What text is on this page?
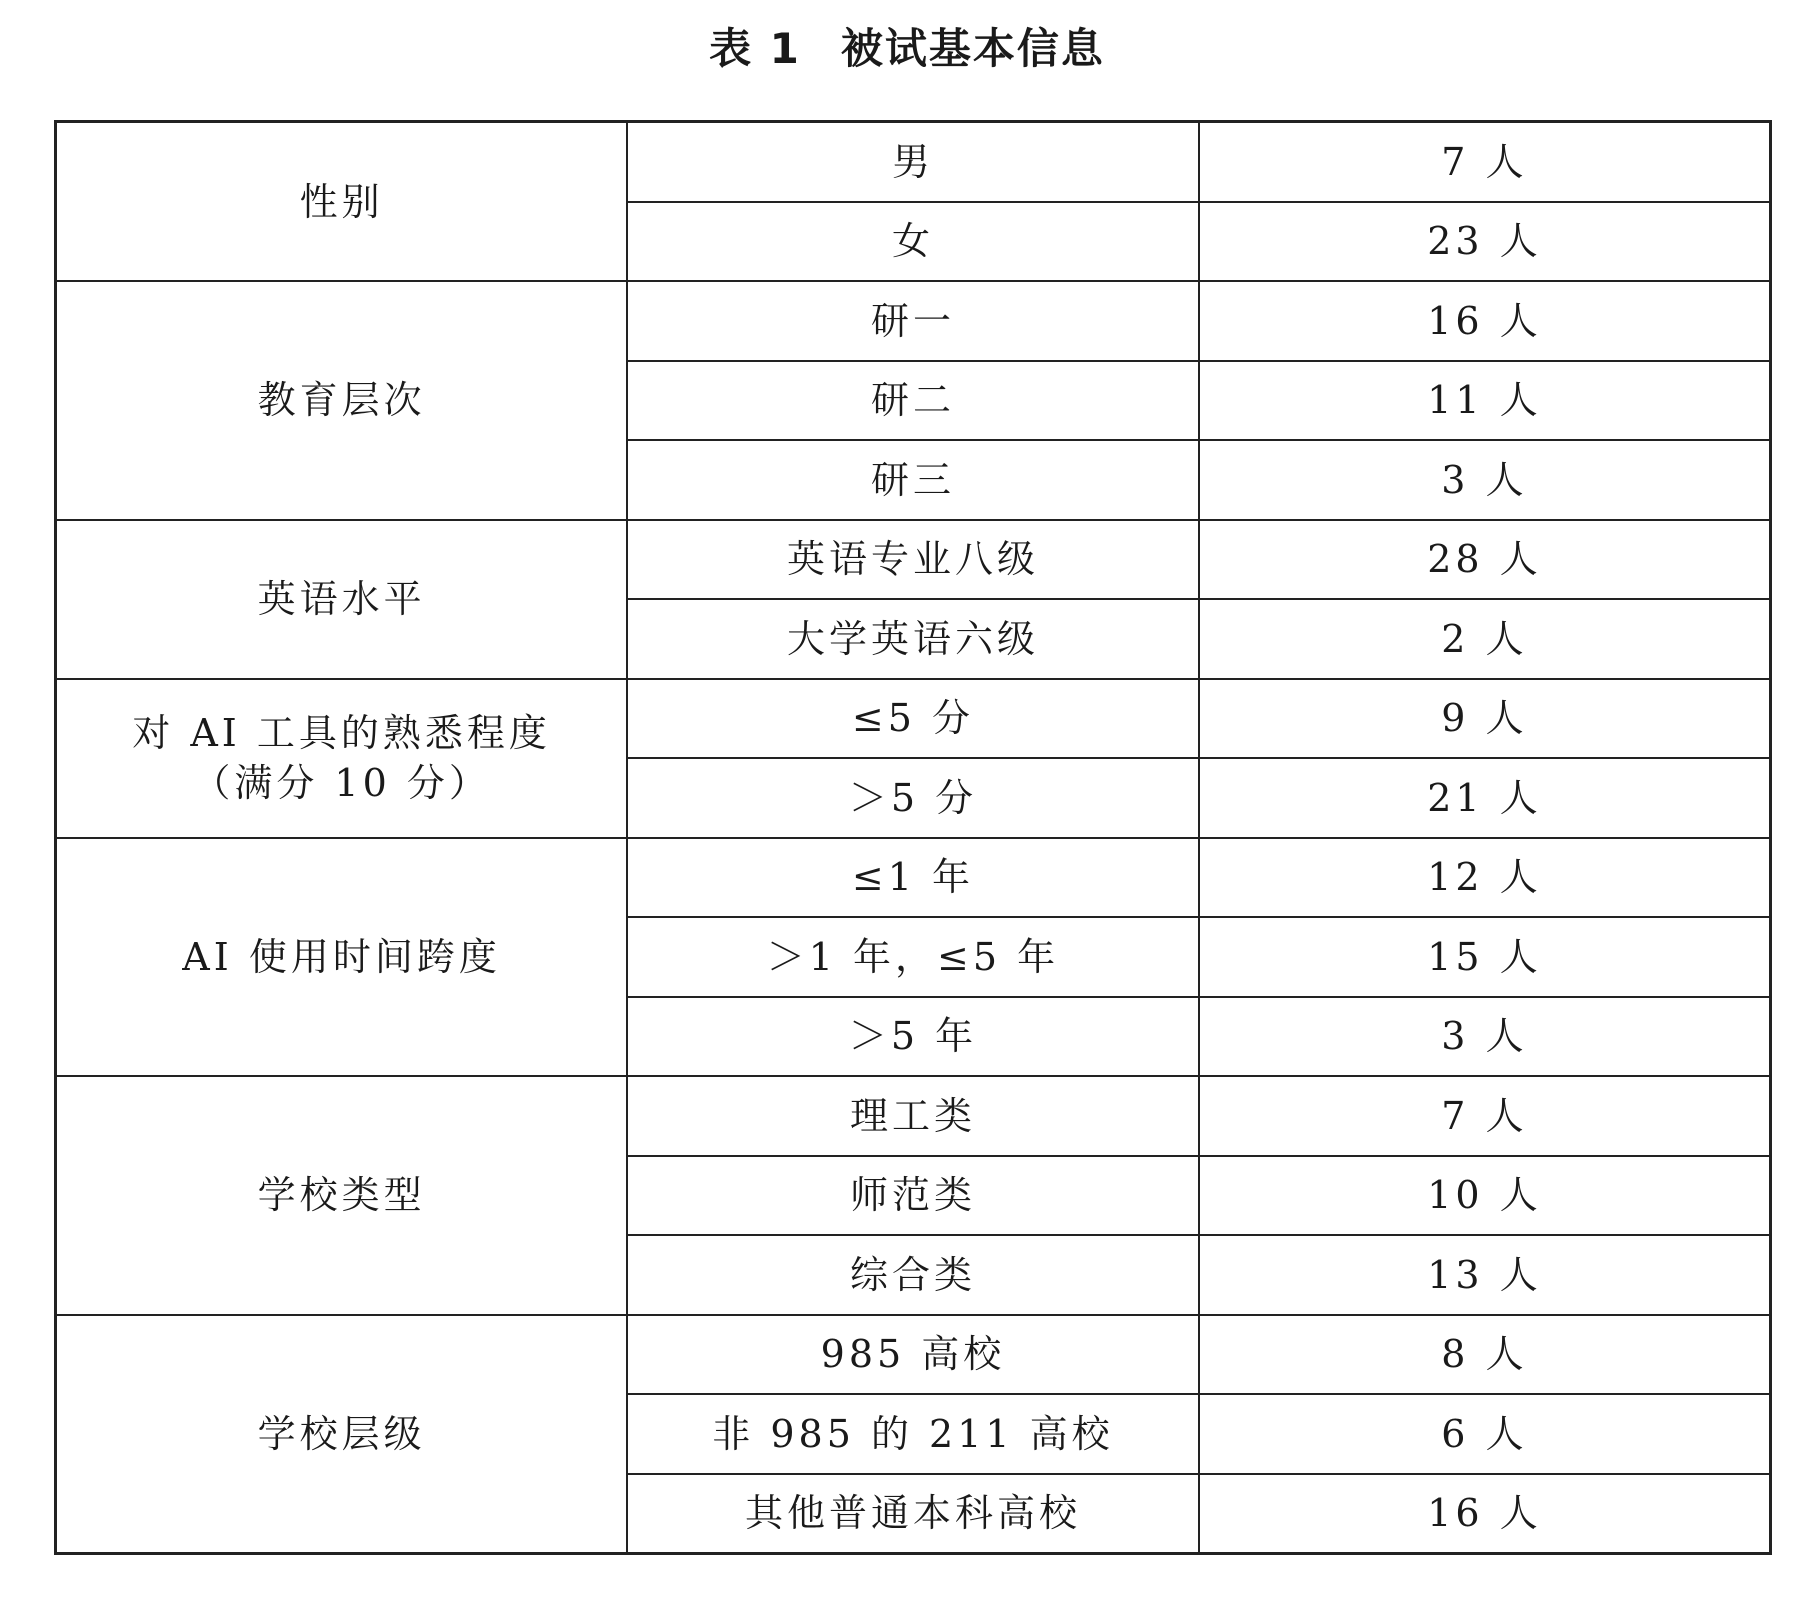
表 1 被试基本信息
性别	男	7 人
	女	23 人
教育层次	研一	16 人
	研二	11 人
	研三	3 人
英语水平	英语专业八级	28 人
	大学英语六级	2 人
对 AI 工具的熟悉程度
（满分 10 分）	≤5 分	9 人
	＞5 分	21 人
AI 使用时间跨度	≤1 年	12 人
	＞1 年，≤5 年	15 人
	＞5 年	3 人
学校类型	理工类	7 人
	师范类	10 人
	综合类	13 人
学校层级	985 高校	8 人
	非 985 的 211 高校	6 人
	其他普通本科高校	16 人
